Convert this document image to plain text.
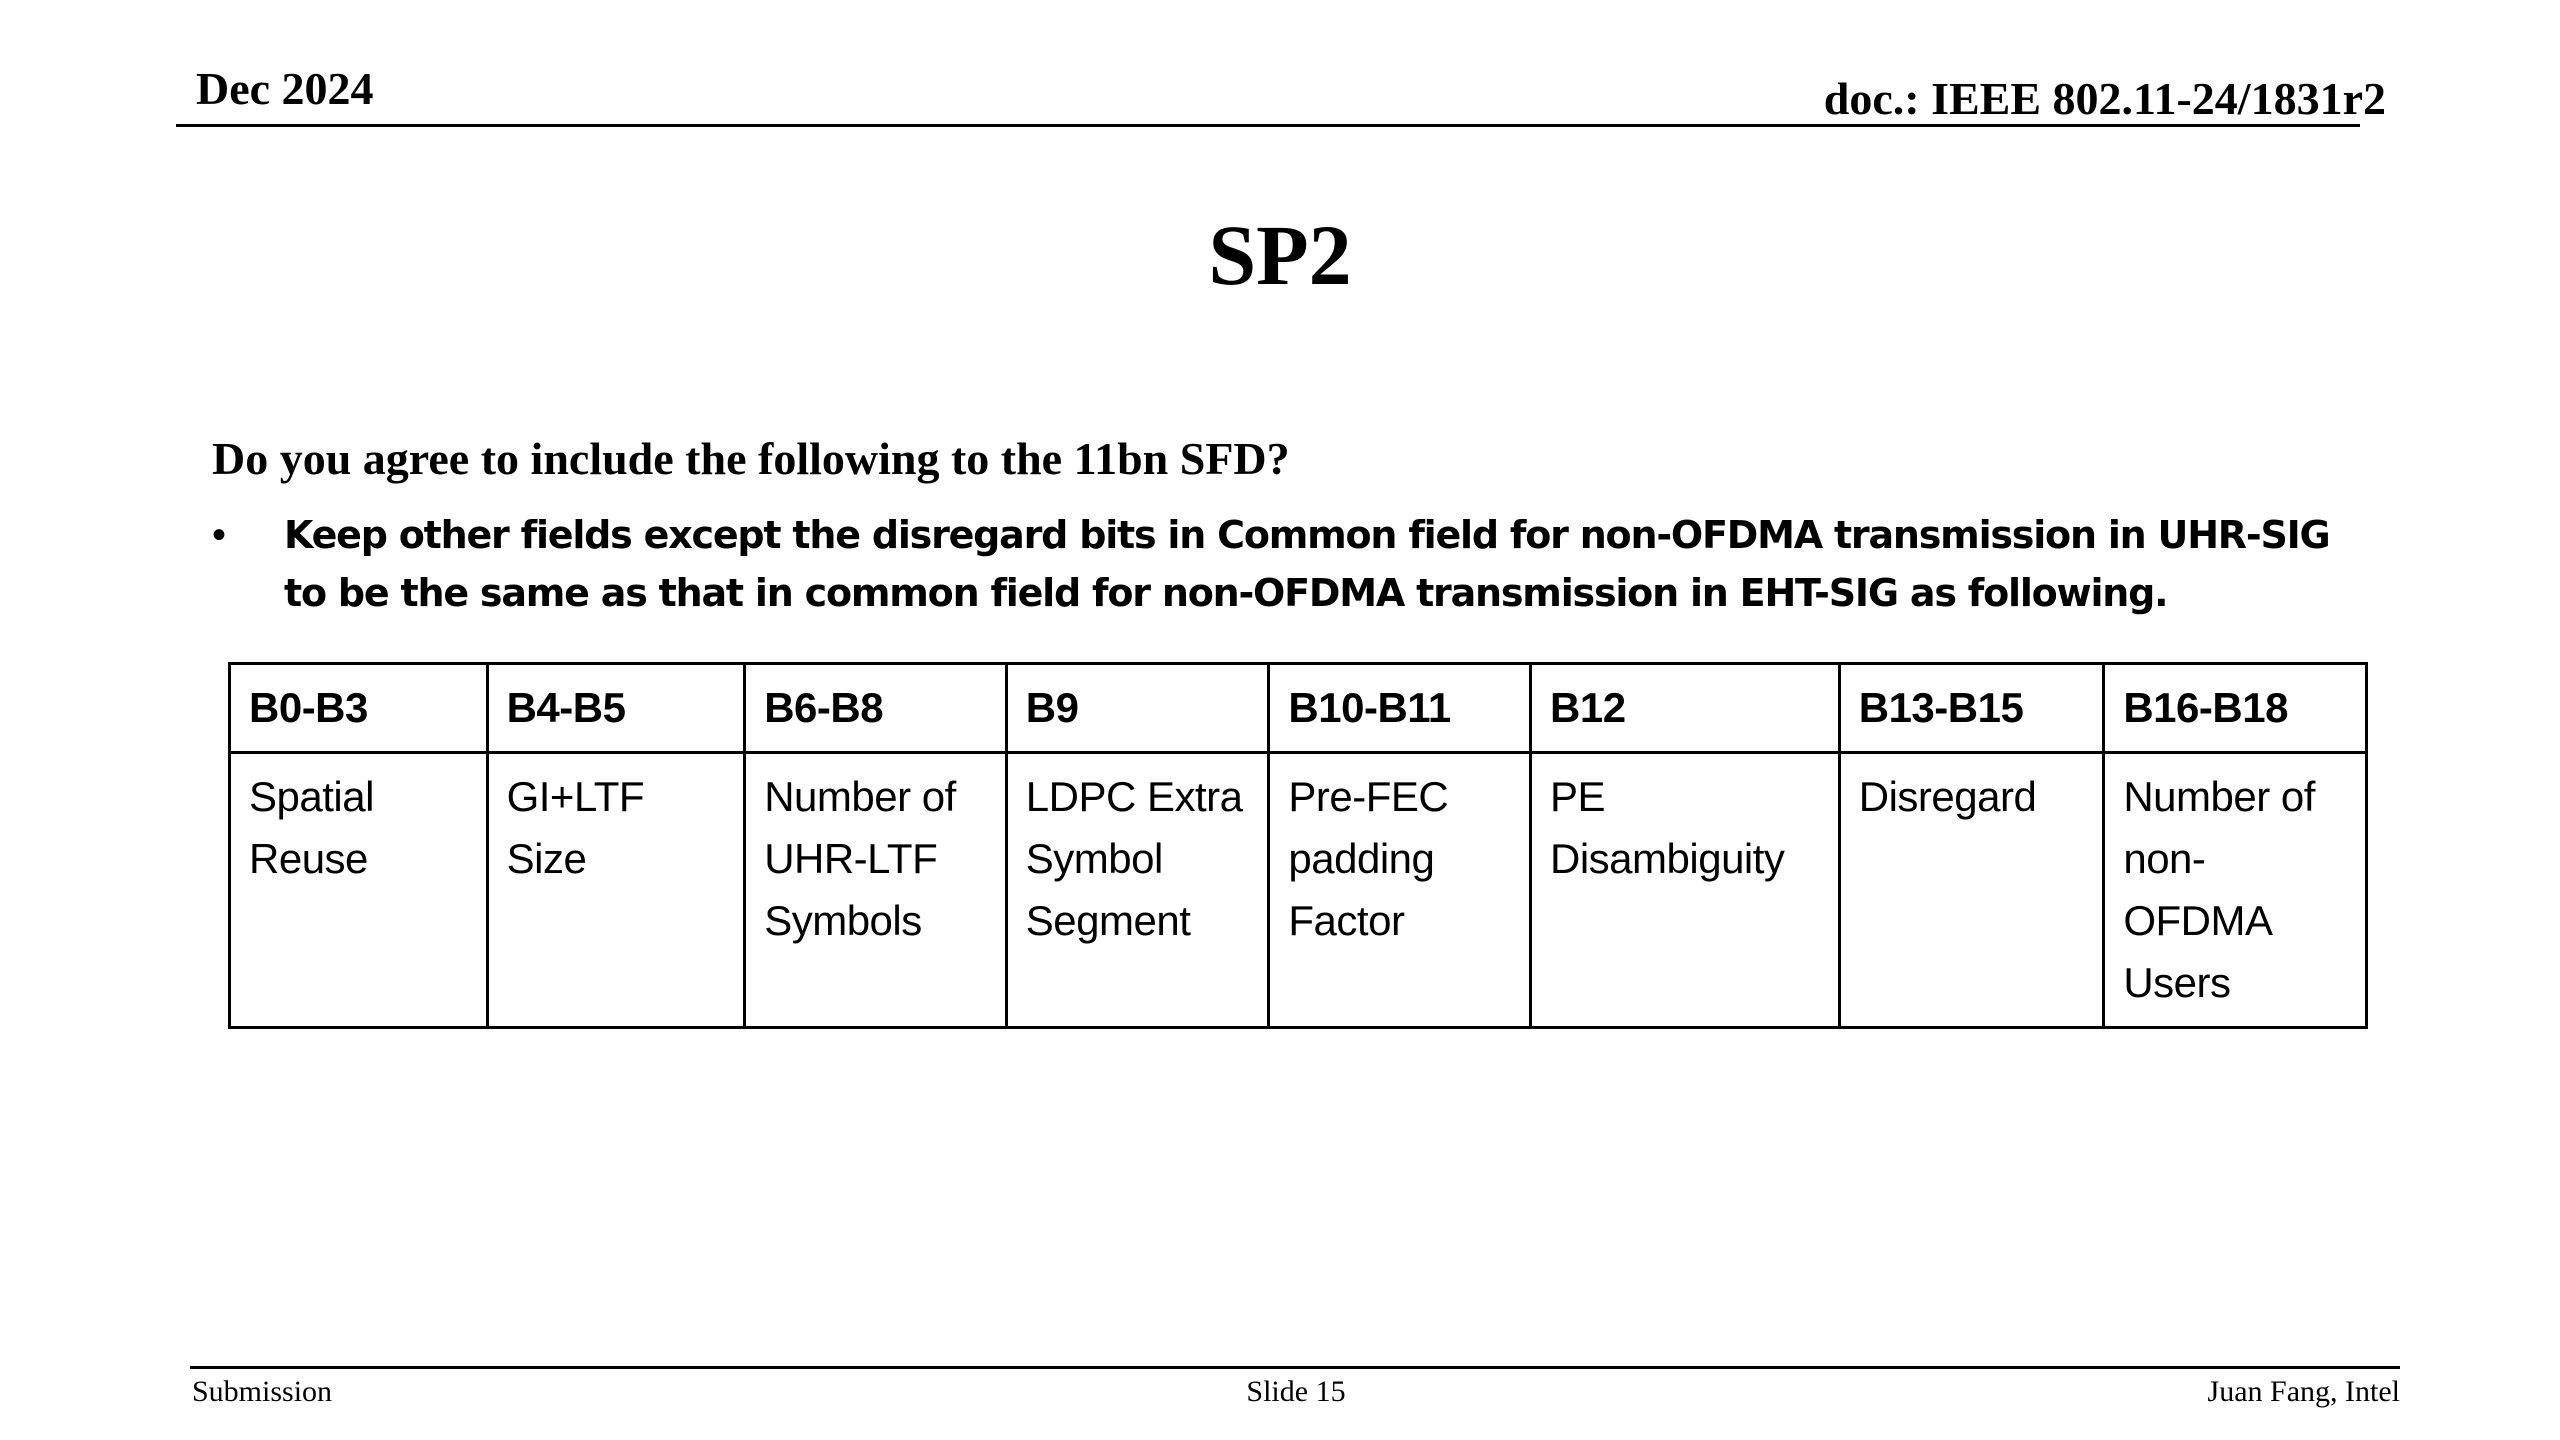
Dec 2024	doc.: IEEE 802.11-24/1831r2
SP2
Do you agree to include the following to the 11bn SFD?
•	Keep other fields except the disregard bits in Common field for non-OFDMA transmission in UHR-SIG to be the same as that in common field for non-OFDMA transmission in EHT-SIG as following.
B0-B3	B4-B5	B6-B8	B9	B10-B11	B12	B13-B15	B16-B18
Spatial Reuse	GI+LTF Size	Number of UHR-LTF Symbols	LDPC Extra Symbol Segment	Pre-FEC padding Factor	PE Disambiguity	Disregard	Number of non-OFDMA Users
Submission	Slide 15	Juan Fang, Intel
